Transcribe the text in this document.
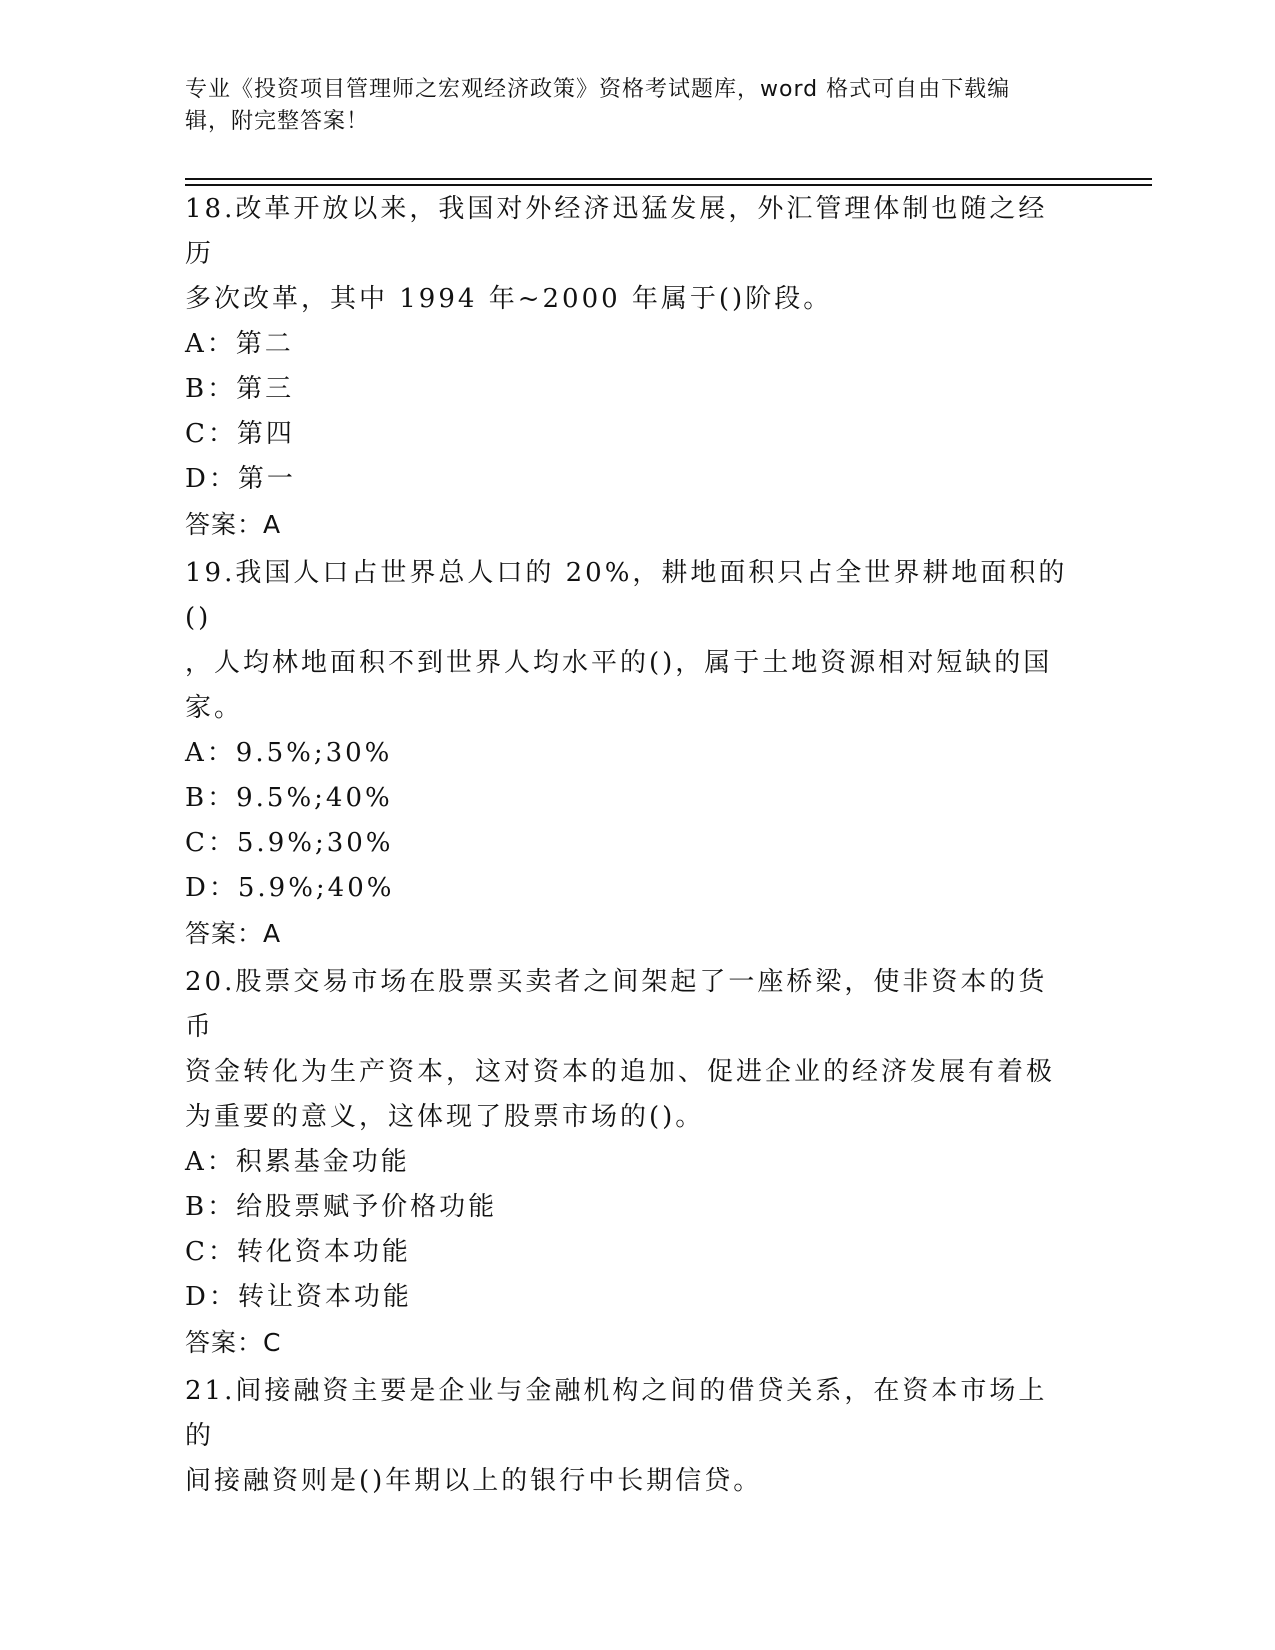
专业《投资项目管理师之宏观经济政策》资格考试题库，word 格式可自由下载编
辑，附完整答案！

18.改革开放以来，我国对外经济迅猛发展，外汇管理体制也随之经历

多次改革，其中 1994 年~2000 年属于()阶段。

A：第二

B：第三

C：第四

D：第一

答案：A

19.我国人口占世界总人口的 20%，耕地面积只占全世界耕地面积的()

，人均林地面积不到世界人均水平的()，属于土地资源相对短缺的国

家。

A：9.5%;30%

B：9.5%;40%

C：5.9%;30%

D：5.9%;40%

答案：A

20.股票交易市场在股票买卖者之间架起了一座桥梁，使非资本的货币

资金转化为生产资本，这对资本的追加、促进企业的经济发展有着极

为重要的意义，这体现了股票市场的()。

A：积累基金功能

B：给股票赋予价格功能

C：转化资本功能

D：转让资本功能

答案：C

21.间接融资主要是企业与金融机构之间的借贷关系，在资本市场上的

间接融资则是()年期以上的银行中长期信贷。
